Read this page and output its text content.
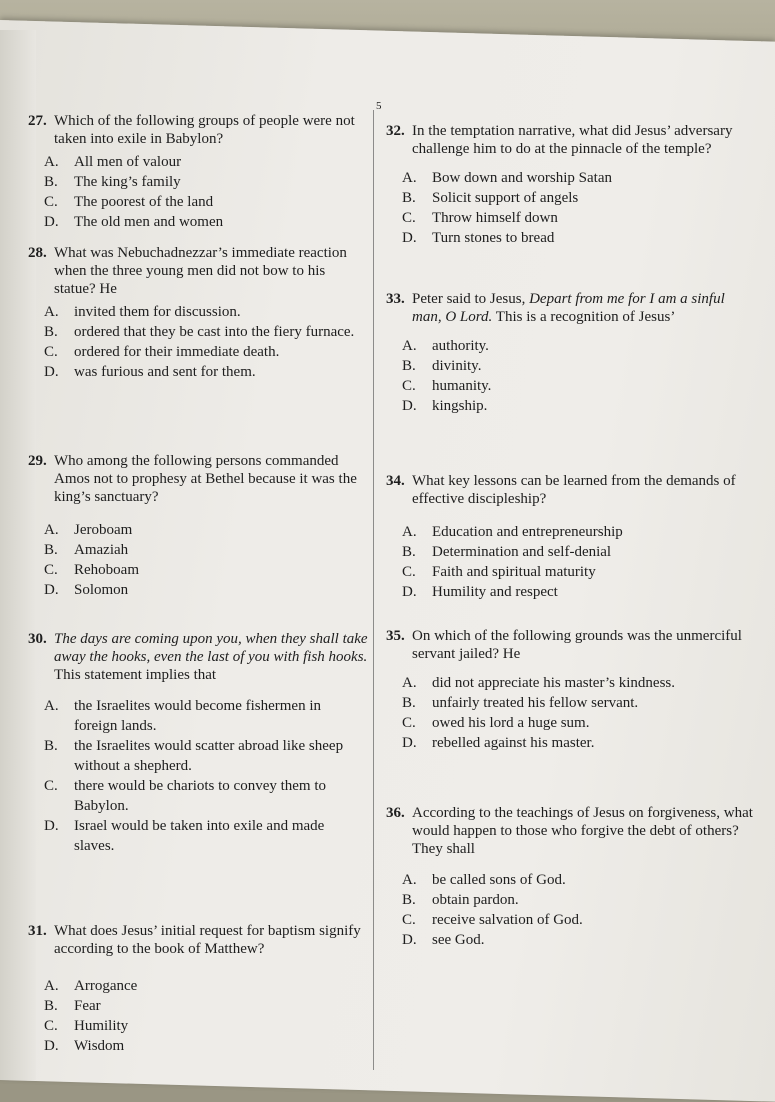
5
27. Which of the following groups of people were not taken into exile in Babylon?
A.	All men of valour
B.	The king’s family
C.	The poorest of the land
D.	The old men and women
28. What was Nebuchadnezzar’s immediate reaction when the three young men did not bow to his statue? He
A.	invited them for discussion.
B.	ordered that they be cast into the fiery furnace.
C.	ordered for their immediate death.
D.	was furious and sent for them.
29. Who among the following persons commanded Amos not to prophesy at Bethel because it was the king’s sanctuary?
A.	Jeroboam
B.	Amaziah
C.	Rehoboam
D.	Solomon
30. The days are coming upon you, when they shall take away the hooks, even the last of you with fish hooks. This statement implies that
A.	the Israelites would become fishermen in foreign lands.
B.	the Israelites would scatter abroad like sheep without a shepherd.
C.	there would be chariots to convey them to Babylon.
D.	Israel would be taken into exile and made slaves.
31. What does Jesus’ initial request for baptism signify according to the book of Matthew?
A.	Arrogance
B.	Fear
C.	Humility
D.	Wisdom
32. In the temptation narrative, what did Jesus’ adversary challenge him to do at the pinnacle of the temple?
A.	Bow down and worship Satan
B.	Solicit support of angels
C.	Throw himself down
D.	Turn stones to bread
33. Peter said to Jesus, Depart from me for I am a sinful man, O Lord. This is a recognition of Jesus’
A.	authority.
B.	divinity.
C.	humanity.
D.	kingship.
34. What key lessons can be learned from the demands of effective discipleship?
A.	Education and entrepreneurship
B.	Determination and self-denial
C.	Faith and spiritual maturity
D.	Humility and respect
35. On which of the following grounds was the unmerciful servant jailed? He
A.	did not appreciate his master’s kindness.
B.	unfairly treated his fellow servant.
C.	owed his lord a huge sum.
D.	rebelled against his master.
36. According to the teachings of Jesus on forgiveness, what would happen to those who forgive the debt of others? They shall
A.	be called sons of God.
B.	obtain pardon.
C.	receive salvation of God.
D.	see God.
